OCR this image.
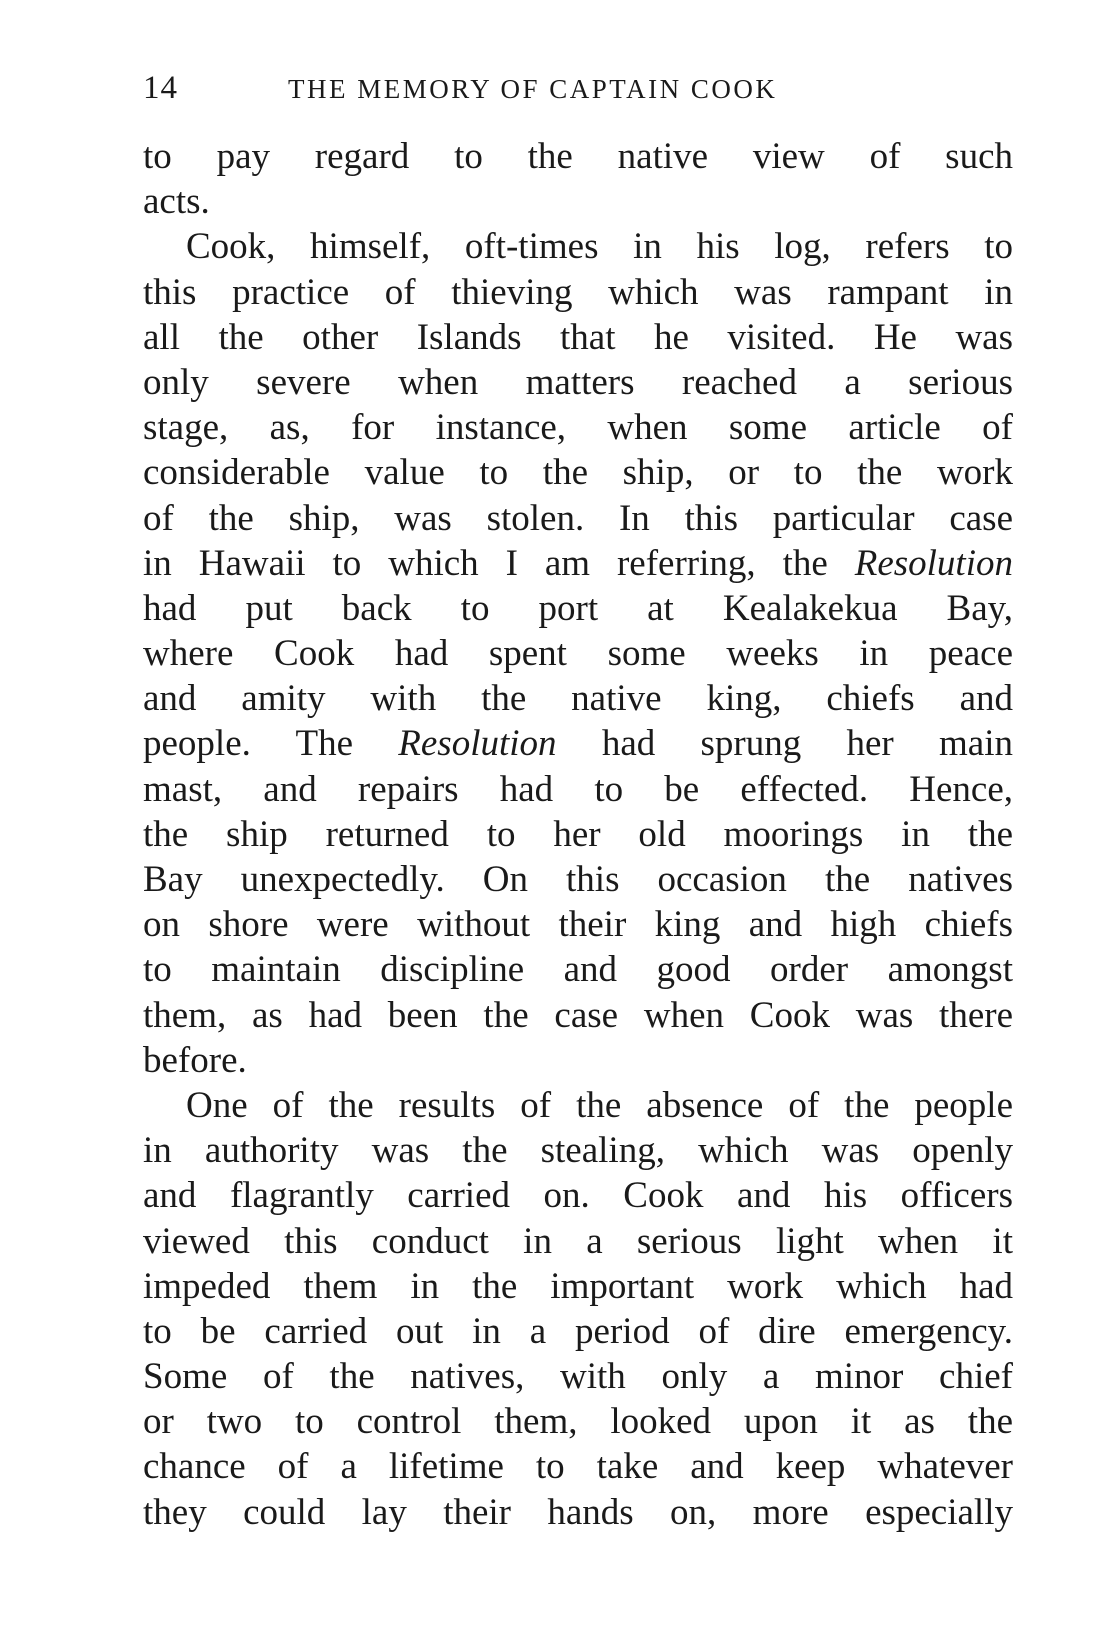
14	THE MEMORY OF CAPTAIN COOK
to pay regard to the native view of such
acts.
Cook, himself, oft-times in his log, refers to
this practice of thieving which was rampant in
all the other Islands that he visited. He was
only severe when matters reached a serious
stage, as, for instance, when some article of
considerable value to the ship, or to the work
of the ship, was stolen. In this particular case
in Hawaii to which I am referring, the Resolution
had put back to port at Kealakekua Bay,
where Cook had spent some weeks in peace
and amity with the native king, chiefs and
people. The Resolution had sprung her main
mast, and repairs had to be effected. Hence,
the ship returned to her old moorings in the
Bay unexpectedly. On this occasion the natives
on shore were without their king and high chiefs
to maintain discipline and good order amongst
them, as had been the case when Cook was there
before.
One of the results of the absence of the people
in authority was the stealing, which was openly
and flagrantly carried on. Cook and his officers
viewed this conduct in a serious light when it
impeded them in the important work which had
to be carried out in a period of dire emergency.
Some of the natives, with only a minor chief
or two to control them, looked upon it as the
chance of a lifetime to take and keep whatever
they could lay their hands on, more especially
